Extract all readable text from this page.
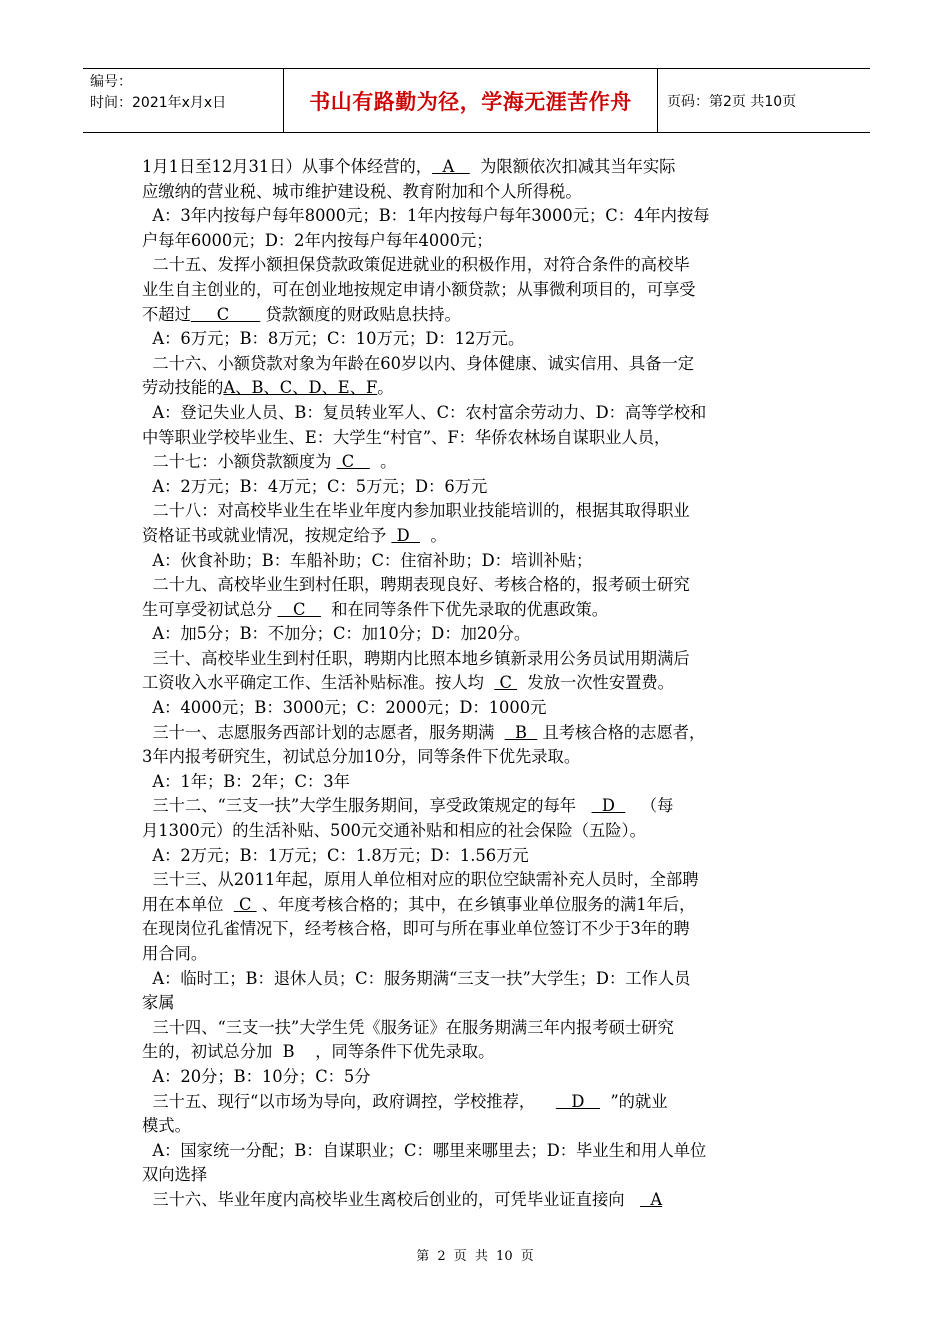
编号：
时间：2021年x月x日	书山有路勤为径，学海无涯苦作舟	页码：第2页 共10页
1月1日至12月31日）从事个体经营的，  A     为限额依次扣减其当年实际
应缴纳的营业税、城市维护建设税、教育附加和个人所得税。
A：3年内按每户每年8000元；B：1年内按每户每年3000元；C：4年内按每
户每年6000元；D：2年内按每户每年4000元；
二十五、发挥小额担保贷款政策促进就业的积极作用，对符合条件的高校毕
业生自主创业的，可在创业地按规定申请小额贷款；从事微利项目的，可享受
不超过     C       贷款额度的财政贴息扶持。
A：6万元；B：8万元；C：10万元；D：12万元。
二十六、小额贷款对象为年龄在60岁以内、身体健康、诚实信用、具备一定
劳动技能的A、B、C、D、E、F。
A：登记失业人员、B：复员转业军人、C：农村富余劳动力、D：高等学校和
中等职业学校毕业生、E：大学生“村官”、F：华侨农林场自谋职业人员，
二十七：小额贷款额度为  C     。
A：2万元；B：4万元；C：5万元；D：6万元
二十八：对高校毕业生在毕业年度内参加职业技能培训的，根据其取得职业
资格证书或就业情况，按规定给予  D    。
A：伙食补助；B：车船补助；C：住宿补助；D：培训补贴；
二十九、高校毕业生到村任职，聘期表现良好、考核合格的，报考硕士研究
生可享受初试总分    C     和在同等条件下优先录取的优惠政策。
A：加5分；B：不加分；C：加10分；D：加20分。
三十、高校毕业生到村任职，聘期内比照本地乡镇新录用公务员试用期满后
工资收入水平确定工作、生活补贴标准。按人均   C   发放一次性安置费。
A：4000元；B：3000元；C：2000元；D：1000元
三十一、志愿服务西部计划的志愿者，服务期满    B   且考核合格的志愿者，
3年内报考研究生，初试总分加10分，同等条件下优先录取。
A：1年；B：2年；C：3年
三十二、“三支一扶”大学生服务期间，享受政策规定的每年     D     （每
月1300元）的生活补贴、500元交通补贴和相应的社会保险（五险）。
A：2万元；B：1万元；C：1.8万元；D：1.56万元
三十三、从2011年起，原用人单位相对应的职位空缺需补充人员时，全部聘
用在本单位   C  、年度考核合格的；其中，在乡镇事业单位服务的满1年后，
在现岗位孔雀情况下，经考核合格，即可与所在事业单位签订不少于3年的聘
用合同。
A：临时工；B：退休人员；C：服务期满“三支一扶”大学生；D：工作人员
家属
三十四、“三支一扶”大学生凭《服务证》在服务期满三年内报考硕士研究
生的，初试总分加  B    ，同等条件下优先录取。
A：20分；B：10分；C：5分
三十五、现行“以市场为导向，政府调控，学校推荐，       D     ”的就业
模式。
A：国家统一分配；B：自谋职业；C：哪里来哪里去；D：毕业生和用人单位
双向选择
三十六、毕业年度内高校毕业生离校后创业的，可凭毕业证直接向     A
第 2 页 共 10 页
